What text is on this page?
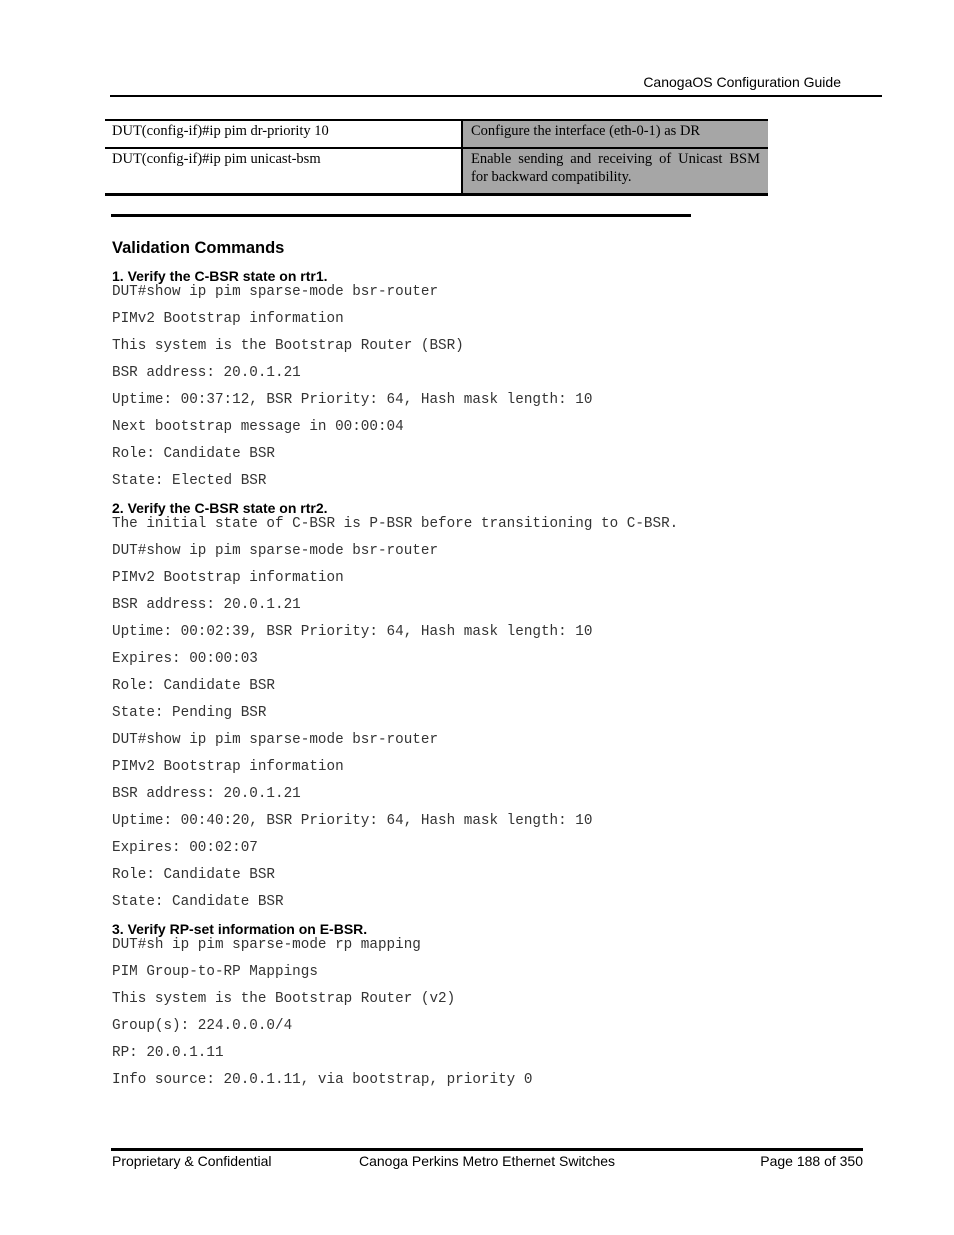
CanogaOS Configuration Guide
DUT(config-if)#ip pim dr-priority 10	Configure the interface (eth-0-1) as DR
DUT(config-if)#ip pim unicast-bsm	Enable sending and receiving of Unicast BSM for backward compatibility.
Validation Commands

1. Verify the C-BSR state on rtr1.

DUT#show ip pim sparse-mode bsr-router

PIMv2 Bootstrap information

This system is the Bootstrap Router (BSR)

BSR address: 20.0.1.21

Uptime: 00:37:12, BSR Priority: 64, Hash mask length: 10

Next bootstrap message in 00:00:04

Role: Candidate BSR

State: Elected BSR

2. Verify the C-BSR state on rtr2.

The initial state of C-BSR is P-BSR before transitioning to C-BSR.

DUT#show ip pim sparse-mode bsr-router

PIMv2 Bootstrap information

BSR address: 20.0.1.21

Uptime: 00:02:39, BSR Priority: 64, Hash mask length: 10

Expires: 00:00:03

Role: Candidate BSR

State: Pending BSR

DUT#show ip pim sparse-mode bsr-router

PIMv2 Bootstrap information

BSR address: 20.0.1.21

Uptime: 00:40:20, BSR Priority: 64, Hash mask length: 10

Expires: 00:02:07

Role: Candidate BSR

State: Candidate BSR

3. Verify RP-set information on E-BSR.

DUT#sh ip pim sparse-mode rp mapping

PIM Group-to-RP Mappings

This system is the Bootstrap Router (v2)

Group(s): 224.0.0.0/4

RP: 20.0.1.11

Info source: 20.0.1.11, via bootstrap, priority 0

Proprietary & Confidential	Canoga Perkins Metro Ethernet Switches	Page 188 of 350
